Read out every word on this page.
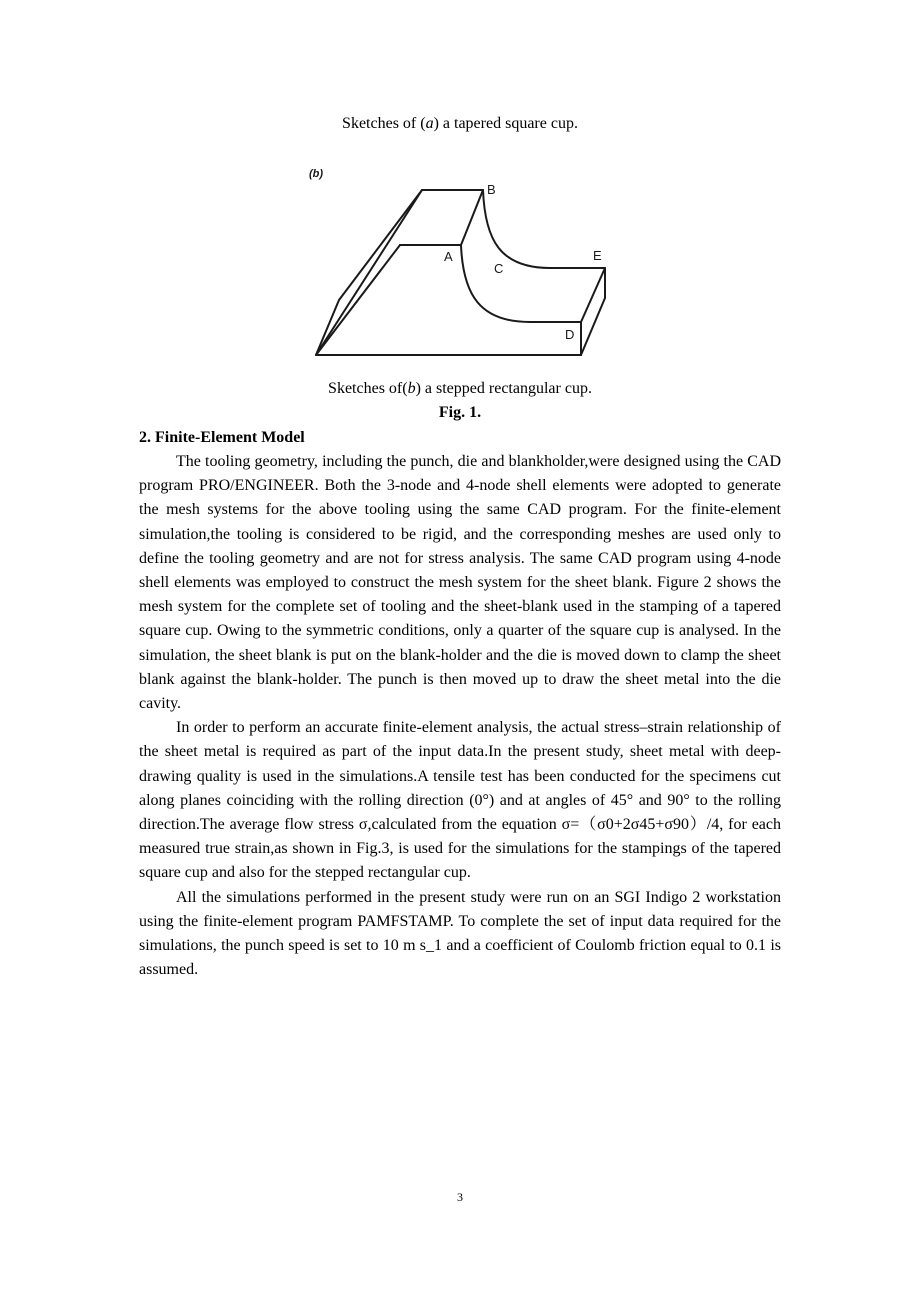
Sketches of (a) a tapered square cup.
(b)
B
A
C
E
D
Sketches of(b) a stepped rectangular cup.
Fig. 1.
2. Finite-Element Model

The tooling geometry, including the punch, die and blankholder,were designed using the CAD program PRO/ENGINEER. Both the 3-node and 4-node shell elements were adopted to generate the mesh systems for the above tooling using the same CAD program. For the finite-element simulation,the tooling is considered to be rigid, and the corresponding meshes are used only to define the tooling geometry and are not for stress analysis. The same CAD program using 4-node shell elements was employed to construct the mesh system for the sheet blank. Figure 2 shows the mesh system for the complete set of tooling and the sheet-blank used in the stamping of a tapered square cup. Owing to the symmetric conditions, only a quarter of the square cup is analysed. In the simulation, the sheet blank is put on the blank-holder and the die is moved down to clamp the sheet blank against the blank-holder. The punch is then moved up to draw the sheet metal into the die cavity.

In order to perform an accurate finite-element analysis, the actual stress–strain relationship of the sheet metal is required as part of the input data.In the present study, sheet metal with deep-drawing quality is used in the simulations.A tensile test has been conducted for the specimens cut along planes coinciding with the rolling direction (0°) and at angles of 45° and 90° to the rolling direction.The average flow stress σ,calculated from the equation σ=（σ0+2σ45+σ90）/4, for each measured true strain,as shown in Fig.3, is used for the simulations for the stampings of the tapered square cup and also for the stepped rectangular cup.

All the simulations performed in the present study were run on an SGI Indigo 2 workstation using the finite-element program PAMFSTAMP. To complete the set of input data required for the simulations, the punch speed is set to 10 m s_1 and a coefficient of Coulomb friction equal to 0.1 is assumed.

3
